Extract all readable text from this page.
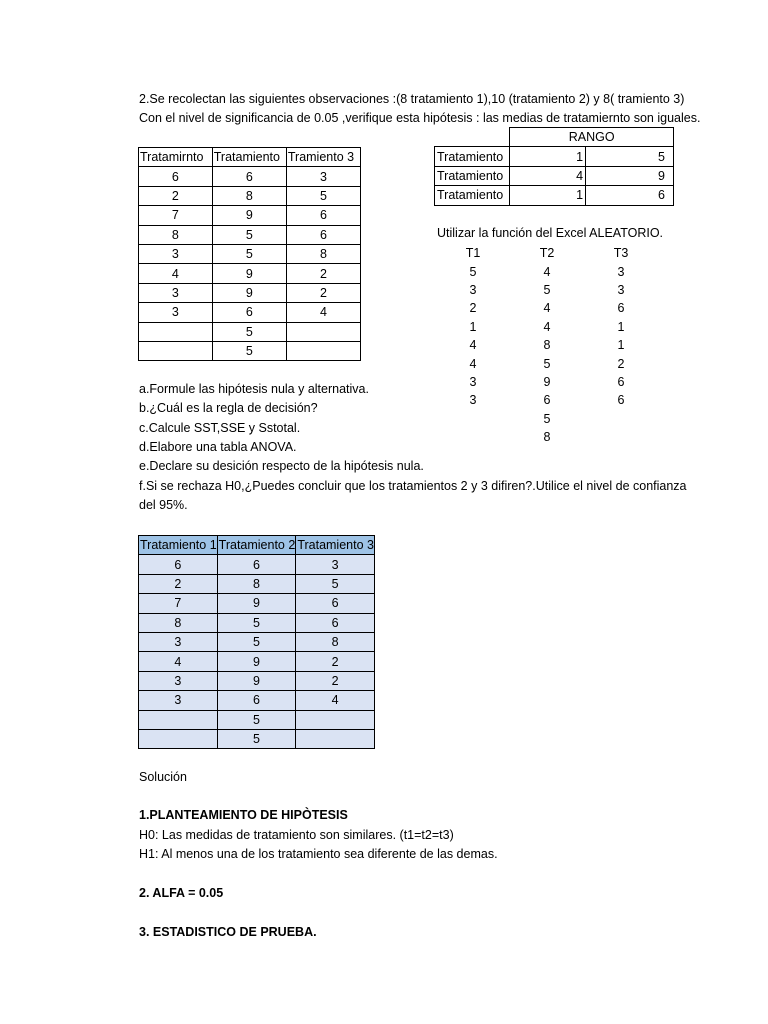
2.Se recolectan las siguientes observaciones :(8 tratamiento 1),10 (tratamiento 2) y 8( tramiento 3)
Con el nivel de significancia de 0.05 ,verifique esta hipótesis : las medias de tratamiernto son iguales.
Tratamirnto	Tratamiento	Tramiento 3
6	6	3
2	8	5
7	9	6
8	5	6
3	5	8
4	9	2
3	9	2
3	6	4
	5	
	5	
	RANGO	
Tratamiento	1	5
Tratamiento	4	9
Tratamiento	1	6
Utilizar la función del Excel ALEATORIO.
T1	T2	T3
5	4	3
3	5	3
2	4	6
1	4	1
4	8	1
4	5	2
3	9	6
3	6	6
	5	
	8	
a.Formule las hipótesis nula y alternativa.
b.¿Cuál es la regla de decisión?
c.Calcule SST,SSE y Sstotal.
d.Elabore una tabla ANOVA.
e.Declare su desición respecto de la hipótesis nula.
f.Si se rechaza H0,¿Puedes concluir que los tratamientos 2 y 3 difiren?.Utilice el nivel de confianza
del 95%.
Tratamiento 1	Tratamiento 2	Tratamiento 3
6	6	3
2	8	5
7	9	6
8	5	6
3	5	8
4	9	2
3	9	2
3	6	4
	5	
	5	
Solución
1.PLANTEAMIENTO DE HIPÒTESIS
H0: Las medidas de tratamiento son similares. (t1=t2=t3)
H1: Al menos una de los tratamiento sea diferente de las demas.
2. ALFA = 0.05
3. ESTADISTICO DE PRUEBA.
